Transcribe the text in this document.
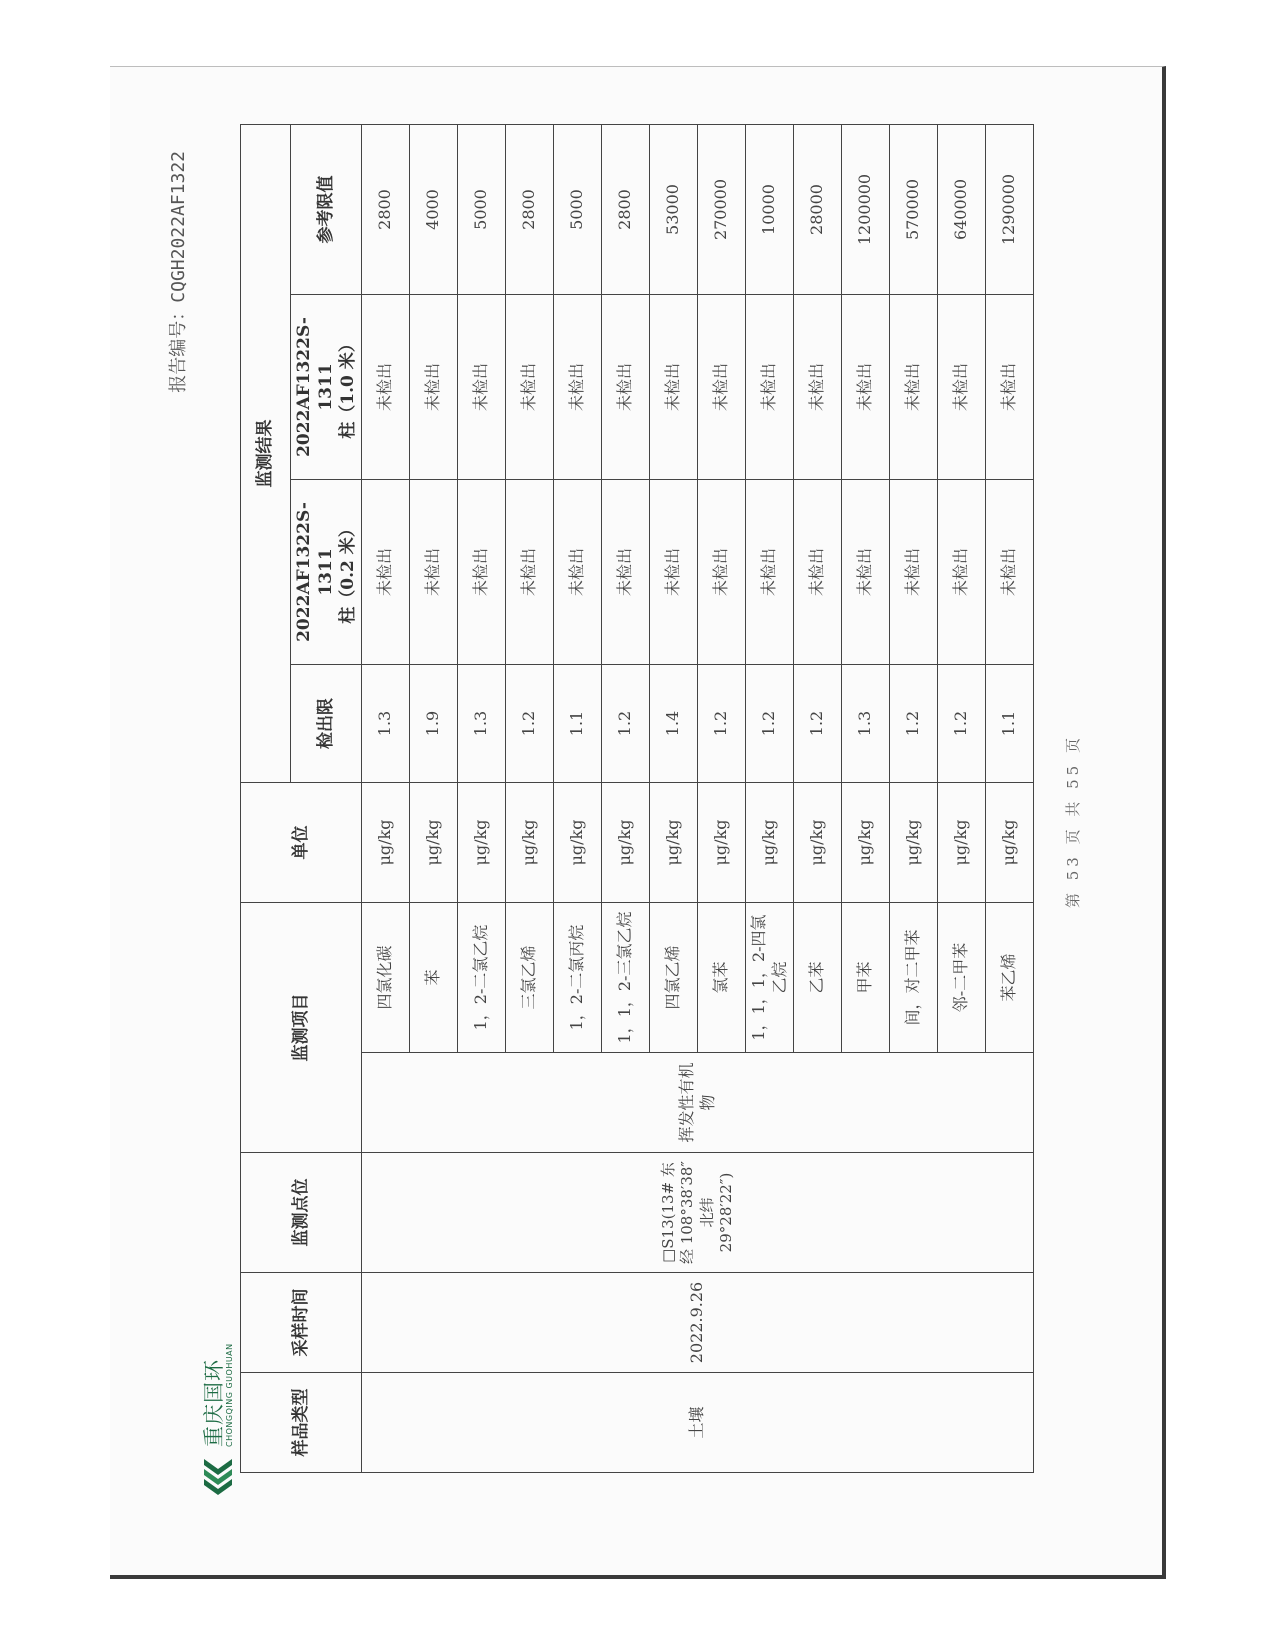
重庆国环 CHONGQING GUOHUAN
报告编号：CQGH2022AF1322
样品类型	采样时间	监测点位	监测项目		单位	监测结果			
						检出限	2022AF1322S-1311 柱（0.2 米）	2022AF1322S-1311 柱（1.0 米）	参考限值
土壤	2022.9.26	□S13(13# 东经 108°38′38″ 北纬 29°28′22″)	挥发性有机物	四氯化碳	μg/kg	1.3	未检出	未检出	2800
				苯	μg/kg	1.9	未检出	未检出	4000
				1，2-二氯乙烷	μg/kg	1.3	未检出	未检出	5000
				三氯乙烯	μg/kg	1.2	未检出	未检出	2800
				1，2-二氯丙烷	μg/kg	1.1	未检出	未检出	5000
				1，1，2-三氯乙烷	μg/kg	1.2	未检出	未检出	2800
				四氯乙烯	μg/kg	1.4	未检出	未检出	53000
				氯苯	μg/kg	1.2	未检出	未检出	270000
				1，1，1，2-四氯乙烷	μg/kg	1.2	未检出	未检出	10000
				乙苯	μg/kg	1.2	未检出	未检出	28000
				甲苯	μg/kg	1.3	未检出	未检出	1200000
				间，对二甲苯	μg/kg	1.2	未检出	未检出	570000
				邻-二甲苯	μg/kg	1.2	未检出	未检出	640000
				苯乙烯	μg/kg	1.1	未检出	未检出	1290000
第 53 页 共 55 页
